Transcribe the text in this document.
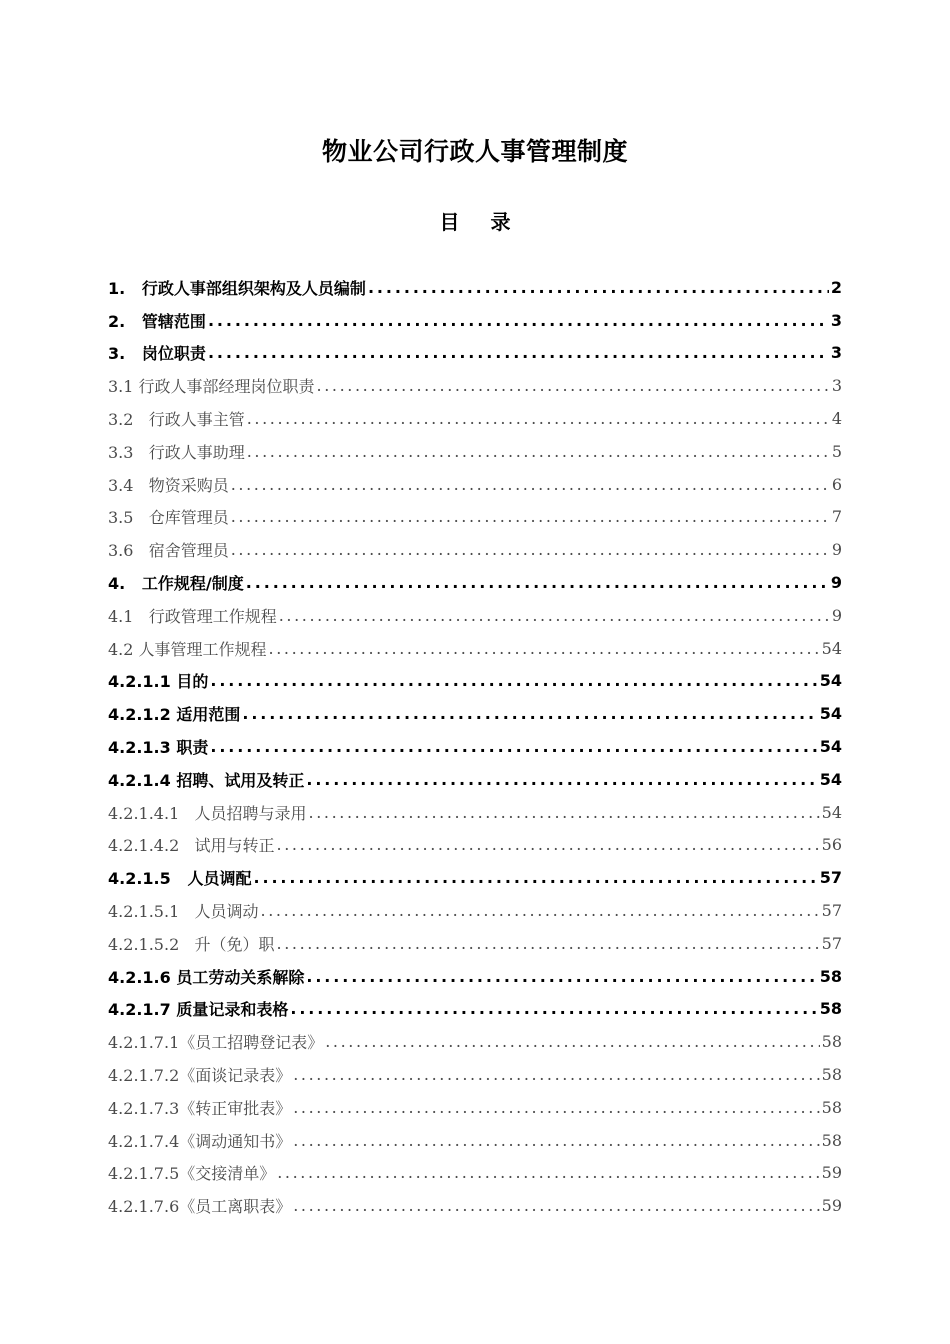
物业公司行政人事管理制度
目 录
1.   行政人事部组织架构及人员编制 .....	2
2.   管辖范围 .....	3
3.   岗位职责 .....	3
3.1 行政人事部经理岗位职责 .....	3
3.2   行政人事主管 .....	4
3.3   行政人事助理 .....	5
3.4   物资采购员 .....	6
3.5   仓库管理员 .....	7
3.6   宿舍管理员 .....	9
4.   工作规程/制度 .....	9
4.1   行政管理工作规程 .....	9
4.2 人事管理工作规程 .....	54
4.2.1.1 目的 .....	54
4.2.1.2 适用范围 .....	54
4.2.1.3 职责 .....	54
4.2.1.4 招聘、试用及转正 .....	54
4.2.1.4.1   人员招聘与录用 .....	54
4.2.1.4.2   试用与转正 .....	56
4.2.1.5   人员调配 .....	57
4.2.1.5.1   人员调动 .....	57
4.2.1.5.2   升（免）职 .....	57
4.2.1.6 员工劳动关系解除 .....	58
4.2.1.7 质量记录和表格 .....	58
4.2.1.7.1《员工招聘登记表》 .....	58
4.2.1.7.2《面谈记录表》 .....	58
4.2.1.7.3《转正审批表》 .....	58
4.2.1.7.4《调动通知书》 .....	58
4.2.1.7.5《交接清单》 .....	59
4.2.1.7.6《员工离职表》 .....	59
